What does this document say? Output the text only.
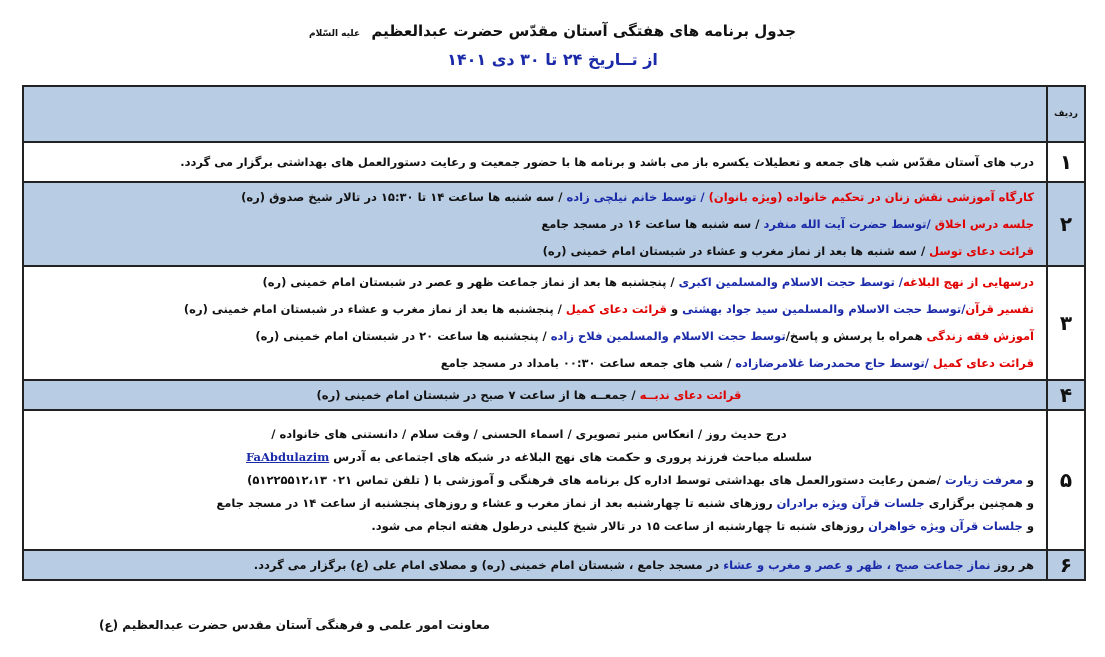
جدول برنامه های هفتگی آستان مقدّس حضرت عبدالعظیم علیه السّلام
از تــاریخ ۲۴ تا ۳۰ دی ۱۴۰۱
ردیف	
۱	درب های آستان مقدّس شب های جمعه و تعطیلات یکسره باز می باشد و برنامه ها با حضور جمعیت و رعایت دستورالعمل های بهداشتی برگزار می گردد.

۲	کارگاه آموزشی نقش زنان در تحکیم خانواده (ویژه بانوان) / توسط خانم نیلچی زاده / سه شنبه ها ساعت ۱۴ تا ۱۵:۳۰ در تالار شیخ صدوق (ره)
جلسه درس اخلاق /توسط حضرت آیت الله منفرد / سه شنبه ها ساعت ۱۶ در مسجد جامع
قرائت دعای توسل / سه شنبه ها بعد از نماز مغرب و عشاء در شبستان امام خمینی (ره)

۳	درسهایی از نهج البلاغه/ توسط حجت الاسلام والمسلمین اکبری / پنجشنبه ها بعد از نماز جماعت ظهر و عصر در شبستان امام خمینی (ره)
تفسیر قرآن/توسط حجت الاسلام والمسلمین سید جواد بهشتی و قرائت دعای کمیل / پنجشنبه ها بعد از نماز مغرب و عشاء در شبستان امام خمینی (ره)
آموزش فقه زندگی همراه با پرسش و پاسخ/توسط حجت الاسلام والمسلمین فلاح زاده / پنجشنبه ها ساعت ۲۰ در شبستان امام خمینی (ره)
قرائت دعای کمیل /توسط حاج محمدرضا غلامرضازاده / شب های جمعه ساعت ۰۰:۳۰ بامداد در مسجد جامع

۴	قرائت دعای ندبــه / جمعــه ها از ساعت ۷ صبح در شبستان امام خمینی (ره)

۵	درج حدیث روز / انعکاس منبر تصویری / اسماء الحسنی / وقت سلام / دانستنی های خانواده /
سلسله مباحث فرزند پروری و حکمت های نهج البلاغه در شبکه های اجتماعی به آدرس FaAbdulazim
و معرفت زیارت /ضمن رعایت دستورالعمل های بهداشتی توسط اداره کل برنامه های فرهنگی و آموزشی با ( تلفن تماس ۰۲۱ ۵۱۲۲۵۵۱۲،۱۳)
و همچنین برگزاری جلسات قرآن ویژه برادران روزهای شنبه تا چهارشنبه بعد از نماز مغرب و عشاء و روزهای پنجشنبه از ساعت ۱۴ در مسجد جامع
و جلسات قرآن ویژه خواهران روزهای شنبه تا چهارشنبه از ساعت ۱۵ در تالار شیخ کلینی درطول هفته انجام می شود.

۶	هر روز نماز جماعت صبح ، ظهر و عصر و مغرب و عشاء در مسجد جامع ، شبستان امام خمینی (ره) و مصلای امام علی (ع) برگزار می گردد.
معاونت امور علمی و فرهنگی آستان مقدس حضرت عبدالعظیم (ع)
